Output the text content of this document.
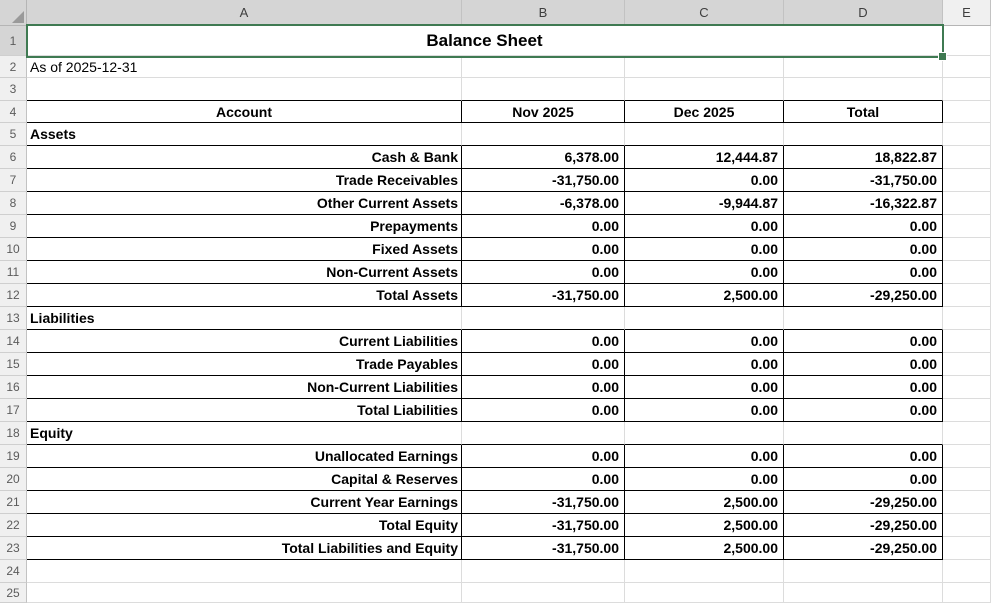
A	B	C	D	E
1	Balance Sheet
2 As of 2025-12-31
3
4	Account	Nov 2025	Dec 2025	Total
5 Assets
6	Cash & Bank	6,378.00	12,444.87	18,822.87
7	Trade Receivables	-31,750.00	0.00	-31,750.00
8	Other Current Assets	-6,378.00	-9,944.87	-16,322.87
9	Prepayments	0.00	0.00	0.00
10	Fixed Assets	0.00	0.00	0.00
11	Non-Current Assets	0.00	0.00	0.00
12	Total Assets	-31,750.00	2,500.00	-29,250.00
13 Liabilities
14	Current Liabilities	0.00	0.00	0.00
15	Trade Payables	0.00	0.00	0.00
16	Non-Current Liabilities	0.00	0.00	0.00
17	Total Liabilities	0.00	0.00	0.00
18 Equity
19	Unallocated Earnings	0.00	0.00	0.00
20	Capital & Reserves	0.00	0.00	0.00
21	Current Year Earnings	-31,750.00	2,500.00	-29,250.00
22	Total Equity	-31,750.00	2,500.00	-29,250.00
23	Total Liabilities and Equity	-31,750.00	2,500.00	-29,250.00
24
25
